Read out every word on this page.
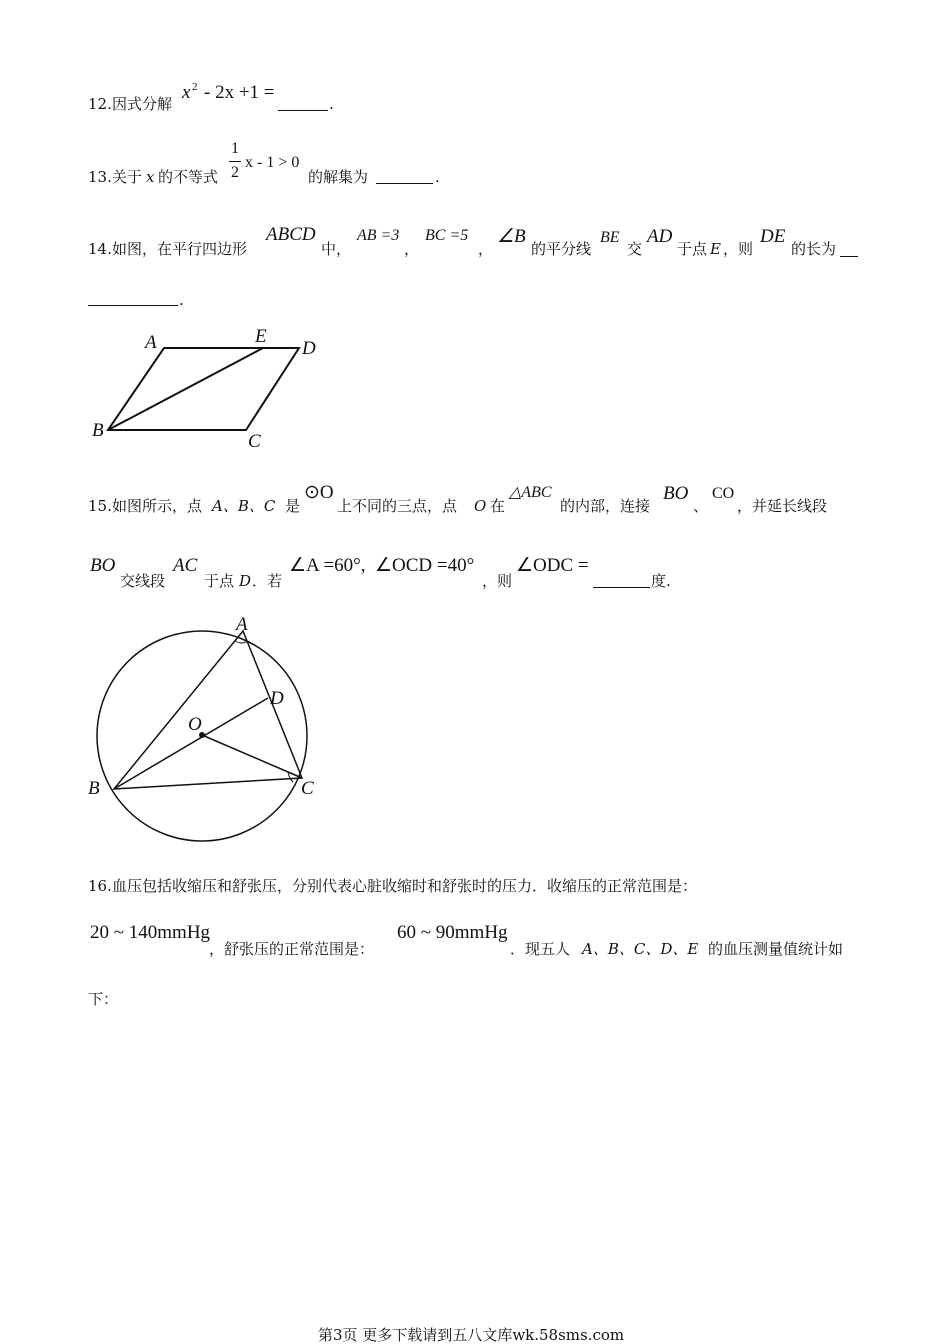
12. 因式分解
x 2 - 2x +1 =
.
13. 关于 x 的不等式
1
2
x - 1 > 0
的解集为	.
14. 如图，在平行四边形
ABCD
中，
AB =3
，
BC =5
，
∠B
的平分线
BE
交
AD
于点 E ，则
DE
的长为
.
A	E
D
B
C
15. 如图所示，点 A、B、C 是
⊙O
上不同的三点，点 O 在
△ABC
的内部，连接
BO
、
CO
，并延长线段
BO
交线段
AC
于点 D ．若
∠A =60°, ∠OCD =40°
，则
∠ODC =
度.
A
D
O
B	C
16. 血压包括收缩压和舒张压，分别代表心脏收缩时和舒张时的压力．收缩压的正常范围是：
20 ~ 140mmHg
，舒张压的正常范围是：
60 ~ 90mmHg
．现五人 A、B、C、D、E 的血压测量值统计如
下：
第3页 更多下载请到五八文库wk.58sms.com
